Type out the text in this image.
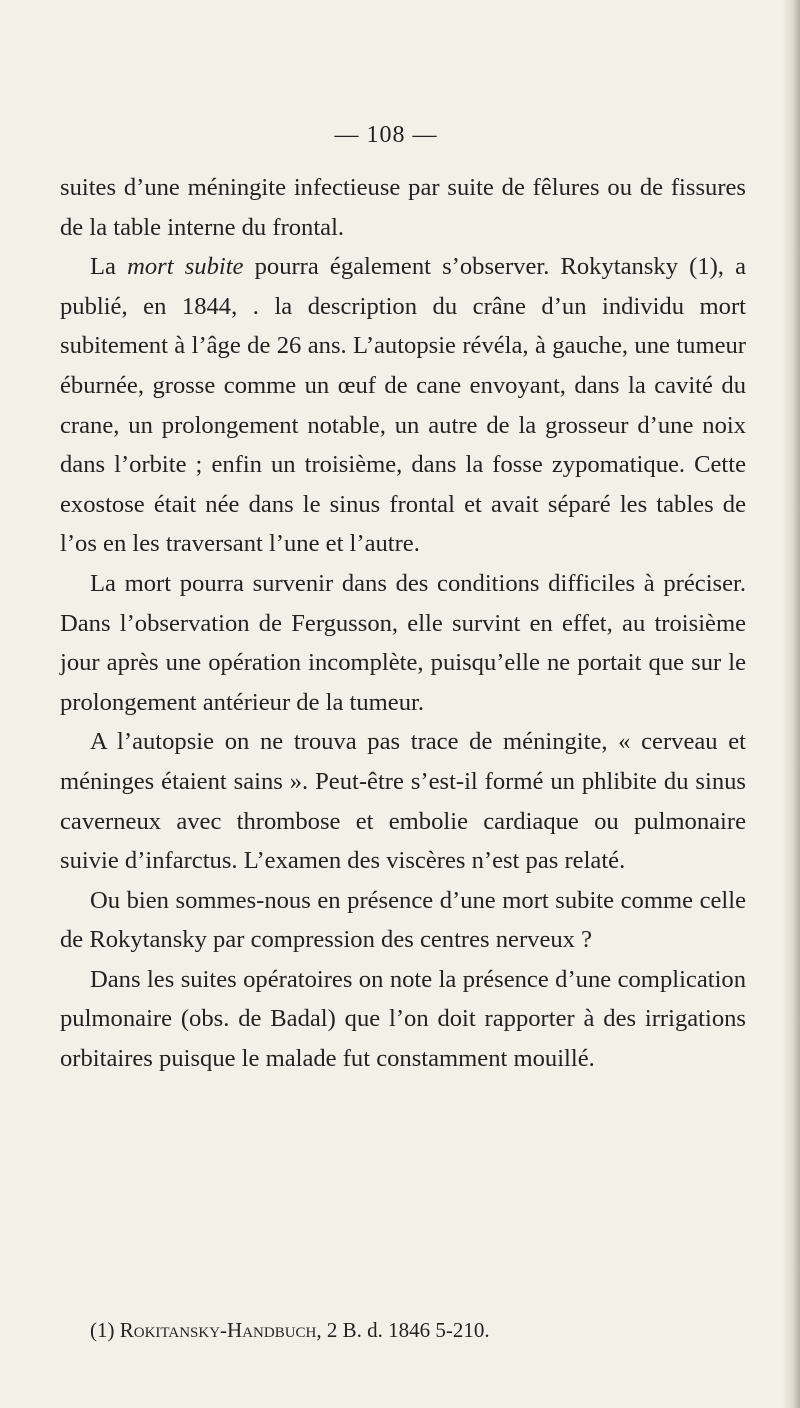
— 108 —

suites d’une méningite infectieuse par suite de fêlures ou de fissures de la table interne du frontal.

La mort subite pourra également s’observer. Rokytansky (1), a publié, en 1844, . la description du crâne d’un individu mort subitement à l’âge de 26 ans. L’autopsie révéla, à gauche, une tumeur éburnée, grosse comme un œuf de cane envoyant, dans la cavité du crane, un prolongement notable, un autre de la grosseur d’une noix dans l’orbite ; enfin un troisième, dans la fosse zypomatique. Cette exostose était née dans le sinus frontal et avait séparé les tables de l’os en les traversant l’une et l’autre.

La mort pourra survenir dans des conditions difficiles à préciser. Dans l’observation de Fergusson, elle survint en effet, au troisième jour après une opération incomplète, puisqu’elle ne portait que sur le prolongement antérieur de la tumeur.

A l’autopsie on ne trouva pas trace de méningite, « cerveau et méninges étaient sains ». Peut-être s’est-il formé un phlibite du sinus caverneux avec thrombose et embolie cardiaque ou pulmonaire suivie d’infarctus. L’examen des viscères n’est pas relaté.

Ou bien sommes-nous en présence d’une mort subite comme celle de Rokytansky par compression des centres nerveux ?

Dans les suites opératoires on note la présence d’une complication pulmonaire (obs. de Badal) que l’on doit rapporter à des irrigations orbitaires puisque le malade fut constamment mouillé.

(1) Rokitansky-Handbuch, 2 B. d. 1846 5-210.
